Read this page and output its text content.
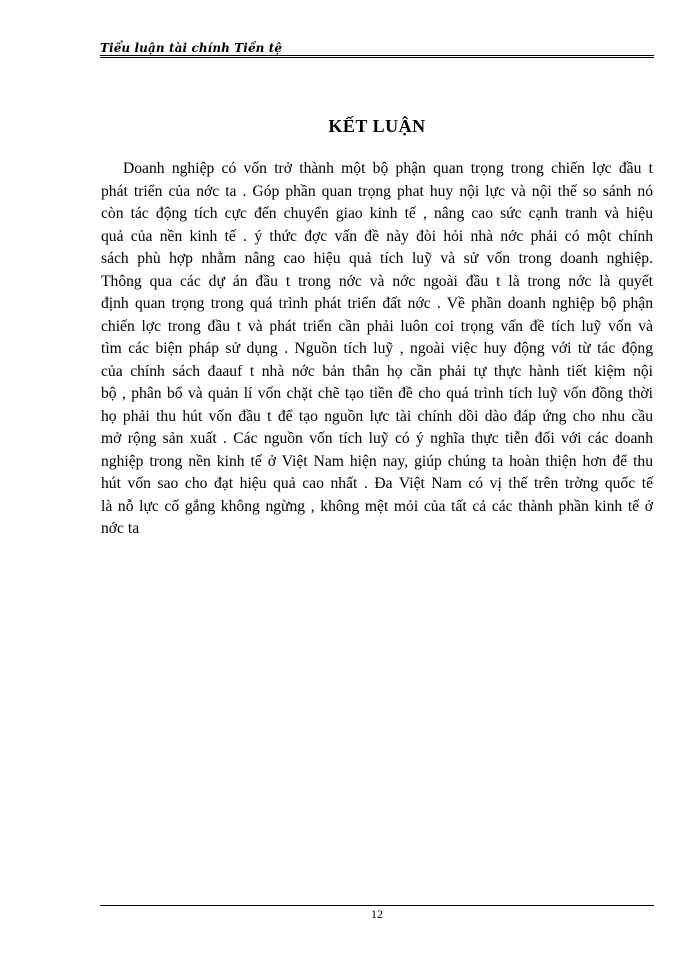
Tiểu luận tài chính Tiền tệ
KẾT LUẬN
Doanh nghiệp có vốn trở thành một bộ phận quan trọng trong chiến lợc đầu t
phát triển của nớc ta . Góp phần quan trọng phat huy nội lực và nội thế so sánh nó
còn tác động tích cực đến chuyển giao kinh tế , nâng cao sức cạnh tranh và hiệu
quả của nền kinh tế . ý thức đợc vấn đề này đòi hỏi nhà nớc phải có một chính
sách phù hợp nhằm nâng cao hiệu quả tích luỹ và sử vốn trong doanh nghiệp.
Thông qua các dự án đầu t trong nớc và nớc ngoài đầu t là trong nớc là quyết
định quan trọng trong quá trình phát triển đất nớc . Về phần doanh nghiệp bộ phận
chiến lợc trong đầu t và phát triển cần phải luôn coi trọng vấn đề tích luỹ vốn và
tìm các biện pháp sử dụng . Nguồn tích luỹ , ngoài việc huy động với từ tác động
của chính sách đaauf t nhà nớc bản thân họ cần phải tự thực hành tiết kiệm nội
bộ , phân bổ và quản lí vốn chặt chẽ tạo tiền đề cho quá trình tích luỹ vốn đồng thời
họ phải thu hút vốn đầu t để tạo nguồn lực tài chính dồi dào đáp ứng cho nhu cầu
mở rộng sản xuất . Các nguồn vốn tích luỹ có ý nghĩa thực tiễn đối với các doanh
nghiệp trong nền kinh tế ở Việt Nam hiện nay, giúp chúng ta hoàn thiện hơn để thu
hút vốn sao cho đạt hiệu quả cao nhất . Đa Việt Nam có vị thế trên trờng quốc tế
là nỗ lực cố gắng không ngừng , không mệt mỏi của tất cả các thành phần kinh tế ở
nớc ta
12
